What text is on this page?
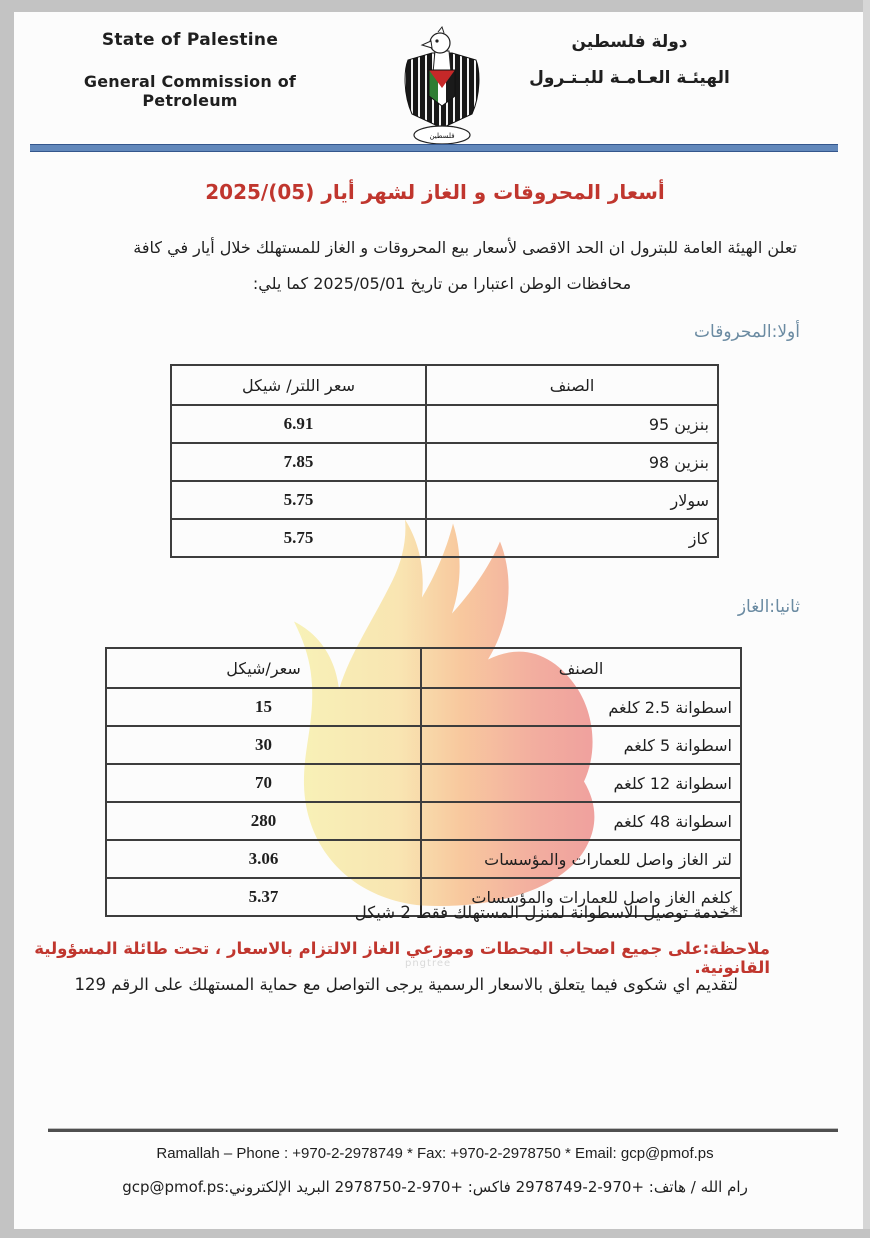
State of Palestine
General Commission of Petroleum
فلسطين
دولة فلسطين
الهيئـة العـامـة للبـتـرول
أسعار المحروقات و الغاز لشهر أيار (05)/2025
تعلن الهيئة العامة للبترول ان الحد الاقصى لأسعار بيع المحروقات و الغاز للمستهلك خلال أيار في كافة
محافظات الوطن اعتبارا من تاريخ 2025/05/01 كما يلي:
أولا:المحروقات
سعر اللتر/ شيكل	الصنف
6.91	بنزين 95
7.85	بنزين 98
5.75	سولار
5.75	كاز
ثانيا:الغاز
سعر/شيكل	الصنف
15	اسطوانة 2.5 كلغم
30	اسطوانة 5 كلغم
70	اسطوانة 12 كلغم
280	اسطوانة 48 كلغم
3.06	لتر الغاز واصل للعمارات والمؤسسات
5.37	كلغم الغاز واصل للعمارات والمؤسسات
*خدمة توصيل الاسطوانة لمنزل المستهلك فقط 2 شيكل
ملاحظة:على جميع اصحاب المحطات وموزعي الغاز الالتزام بالاسعار ، تحت طائلة المسؤولية القانونية.
لتقديم اي شكوى فيما يتعلق بالاسعار الرسمية يرجى التواصل مع حماية المستهلك على الرقم 129
pngtree
Ramallah – Phone : +970-2-2978749 * Fax: +970-2-2978750 * Email: gcp@pmof.ps
رام الله / هاتف: +970-2-2978749 فاكس: +970-2-2978750 البريد الإلكتروني:gcp@pmof.ps
